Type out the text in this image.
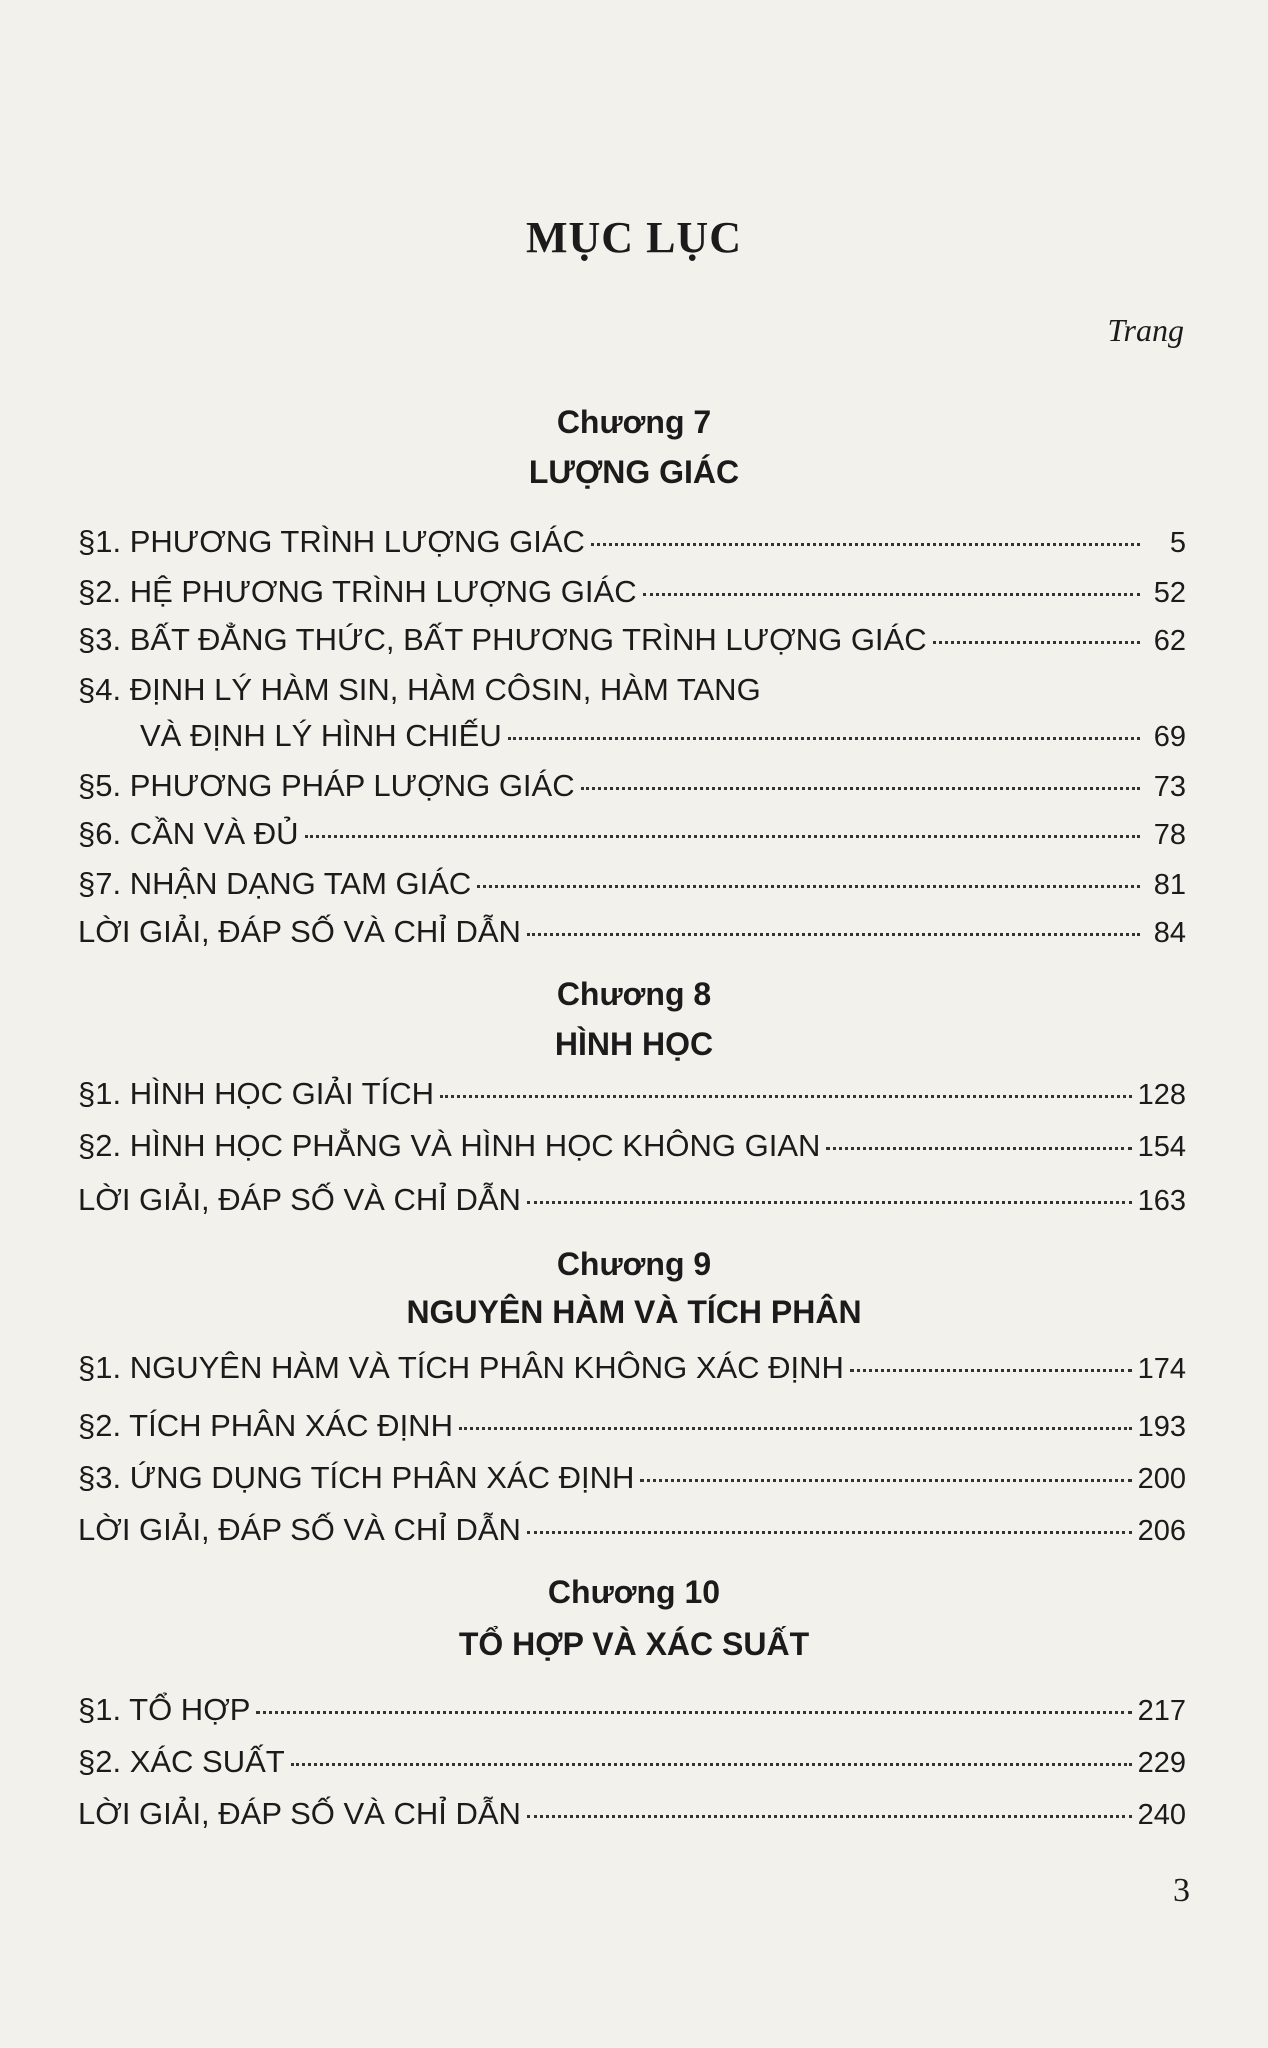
MỤC LỤC
Trang
Chương 7
LƯỢNG GIÁC
§1. PHƯƠNG TRÌNH LƯỢNG GIÁC	5
§2. HỆ PHƯƠNG TRÌNH LƯỢNG GIÁC	52
§3. BẤT ĐẲNG THỨC, BẤT PHƯƠNG TRÌNH LƯỢNG GIÁC	62
§4. ĐỊNH LÝ HÀM SIN, HÀM CÔSIN, HÀM TANG
VÀ ĐỊNH LÝ HÌNH CHIẾU	69
§5. PHƯƠNG PHÁP LƯỢNG GIÁC	73
§6. CẦN VÀ ĐỦ	78
§7. NHẬN DẠNG TAM GIÁC	81
LỜI GIẢI, ĐÁP SỐ VÀ CHỈ DẪN	84
Chương 8
HÌNH HỌC
§1. HÌNH HỌC GIẢI TÍCH	128
§2. HÌNH HỌC PHẲNG VÀ HÌNH HỌC KHÔNG GIAN	154
LỜI GIẢI, ĐÁP SỐ VÀ CHỈ DẪN	163
Chương 9
NGUYÊN HÀM VÀ TÍCH PHÂN
§1. NGUYÊN HÀM VÀ TÍCH PHÂN KHÔNG XÁC ĐỊNH	174
§2. TÍCH PHÂN XÁC ĐỊNH	193
§3. ỨNG DỤNG TÍCH PHÂN XÁC ĐỊNH	200
LỜI GIẢI, ĐÁP SỐ VÀ CHỈ DẪN	206
Chương 10
TỔ HỢP VÀ XÁC SUẤT
§1. TỔ HỢP	217
§2. XÁC SUẤT	229
LỜI GIẢI, ĐÁP SỐ VÀ CHỈ DẪN	240
3
